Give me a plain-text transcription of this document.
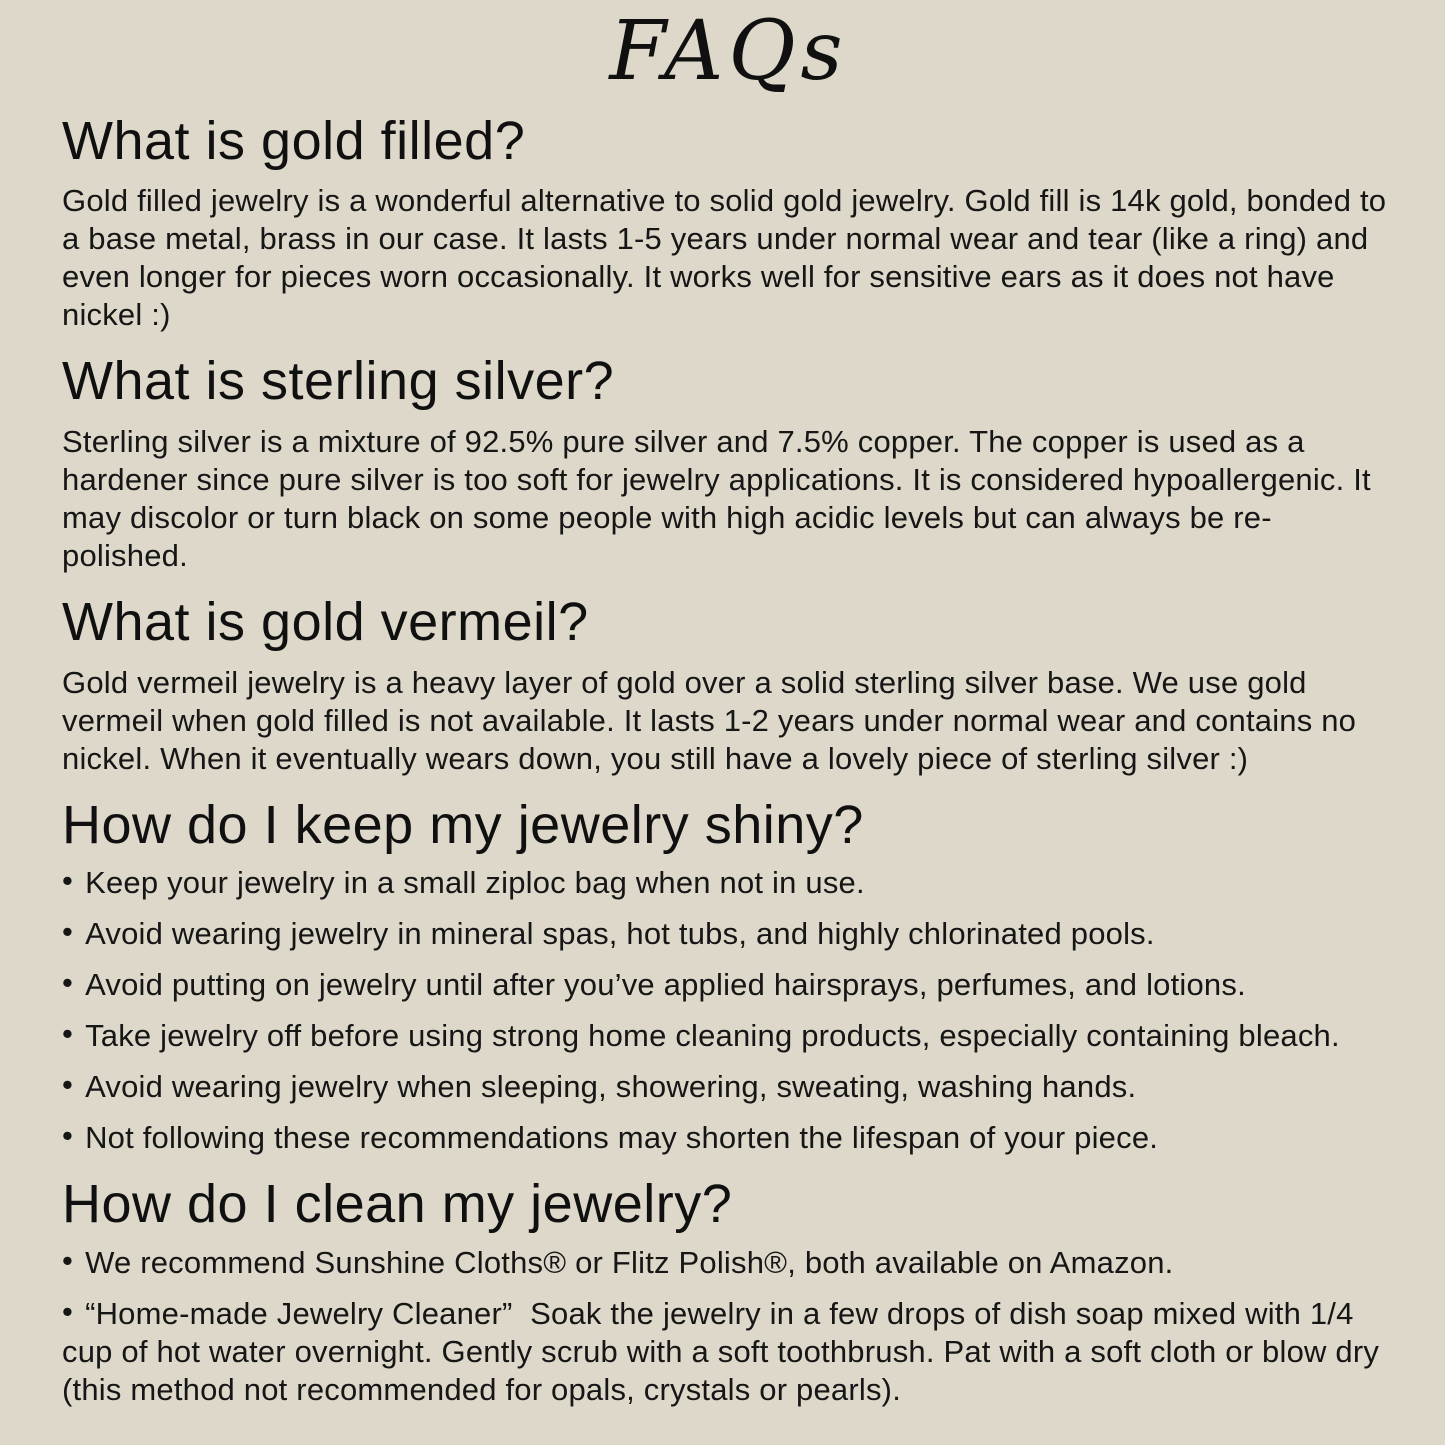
FAQs
What is gold filled?

Gold filled jewelry is a wonderful alternative to solid gold jewelry. Gold fill is 14k gold, bonded to a base metal, brass in our case. It lasts 1-5 years under normal wear and tear (like a ring) and even longer for pieces worn occasionally. It works well for sensitive ears as it does not have nickel :)

What is sterling silver?

Sterling silver is a mixture of 92.5% pure silver and 7.5% copper. The copper is used as a hardener since pure silver is too soft for jewelry applications. It is considered hypoallergenic. It may discolor or turn black on some people with high acidic levels but can always be re-polished.

What is gold vermeil?

Gold vermeil jewelry is a heavy layer of gold over a solid sterling silver base. We use gold vermeil when gold filled is not available. It lasts 1-2 years under normal wear and contains no nickel. When it eventually wears down, you still have a lovely piece of sterling silver :)

How do I keep my jewelry shiny?

• Keep your jewelry in a small ziploc bag when not in use.

• Avoid wearing jewelry in mineral spas, hot tubs, and highly chlorinated pools.

• Avoid putting on jewelry until after you’ve applied hairsprays, perfumes, and lotions.

• Take jewelry off before using strong home cleaning products, especially containing bleach.

• Avoid wearing jewelry when sleeping, showering, sweating, washing hands.

• Not following these recommendations may shorten the lifespan of your piece.

How do I clean my jewelry?

• We recommend Sunshine Cloths® or Flitz Polish®, both available on Amazon.

• “Home-made Jewelry Cleaner”  Soak the jewelry in a few drops of dish soap mixed with 1/4 cup of hot water overnight. Gently scrub with a soft toothbrush. Pat with a soft cloth or blow dry (this method not recommended for opals, crystals or pearls).
